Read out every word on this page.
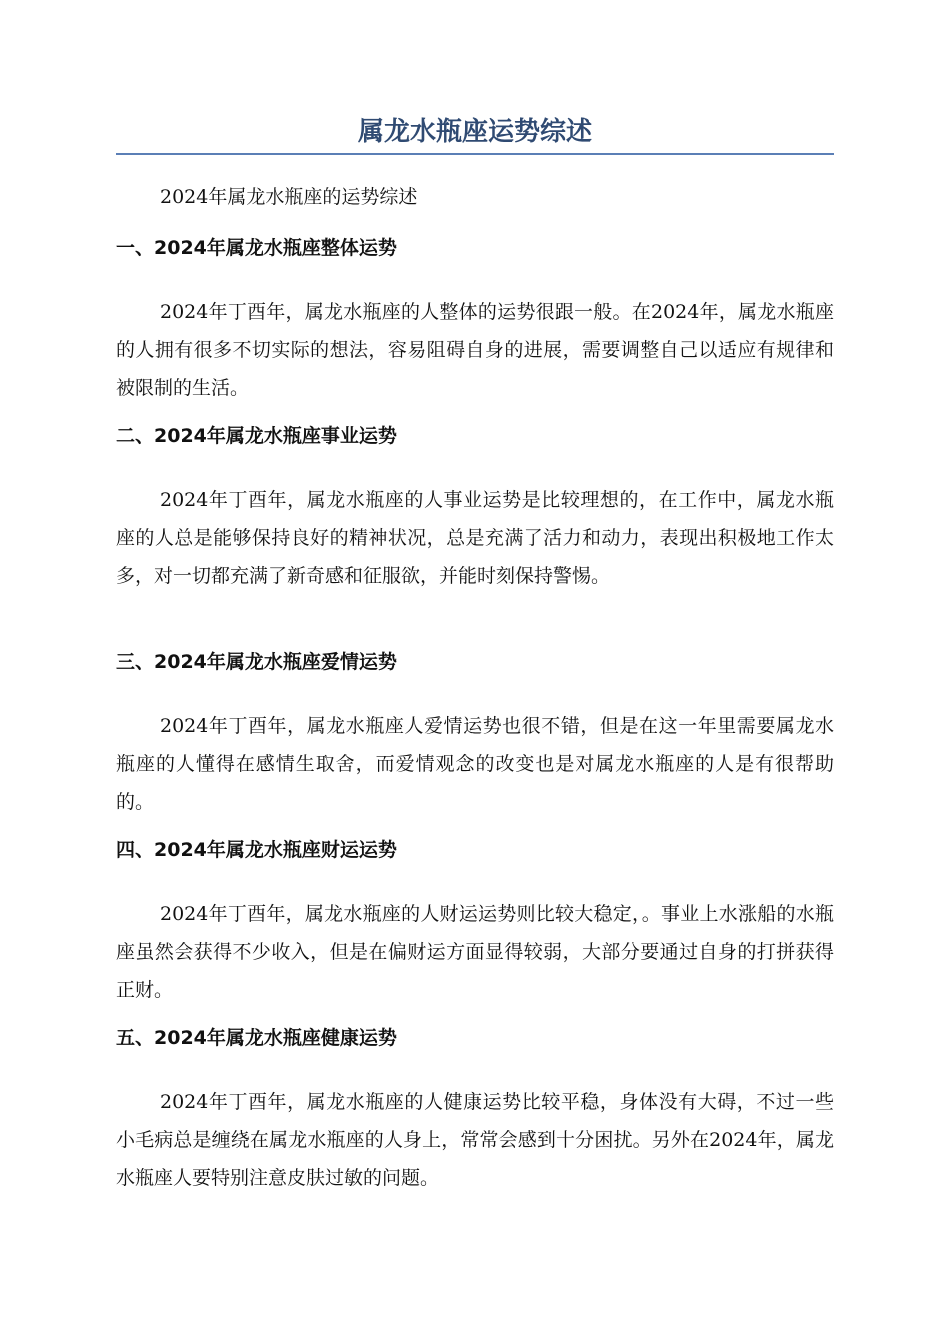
属龙水瓶座运势综述

2024年属龙水瓶座的运势综述

一、2024年属龙水瓶座整体运势

2024年丁酉年，属龙水瓶座的人整体的运势很跟一般。在2024年，属龙水瓶座的人拥有很多不切实际的想法，容易阻碍自身的进展，需要调整自己以适应有规律和被限制的生活。

二、2024年属龙水瓶座事业运势

2024年丁酉年，属龙水瓶座的人事业运势是比较理想的，在工作中，属龙水瓶座的人总是能够保持良好的精神状况，总是充满了活力和动力，表现出积极地工作太多，对一切都充满了新奇感和征服欲，并能时刻保持警惕。

三、2024年属龙水瓶座爱情运势

2024年丁酉年，属龙水瓶座人爱情运势也很不错，但是在这一年里需要属龙水瓶座的人懂得在感情生取舍，而爱情观念的改变也是对属龙水瓶座的人是有很帮助的。

四、2024年属龙水瓶座财运运势

2024年丁酉年，属龙水瓶座的人财运运势则比较大稳定，。事业上水涨船的水瓶座虽然会获得不少收入，但是在偏财运方面显得较弱，大部分要通过自身的打拼获得正财。

五、2024年属龙水瓶座健康运势

2024年丁酉年，属龙水瓶座的人健康运势比较平稳，身体没有大碍，不过一些小毛病总是缠绕在属龙水瓶座的人身上，常常会感到十分困扰。另外在2024年，属龙水瓶座人要特别注意皮肤过敏的问题。
